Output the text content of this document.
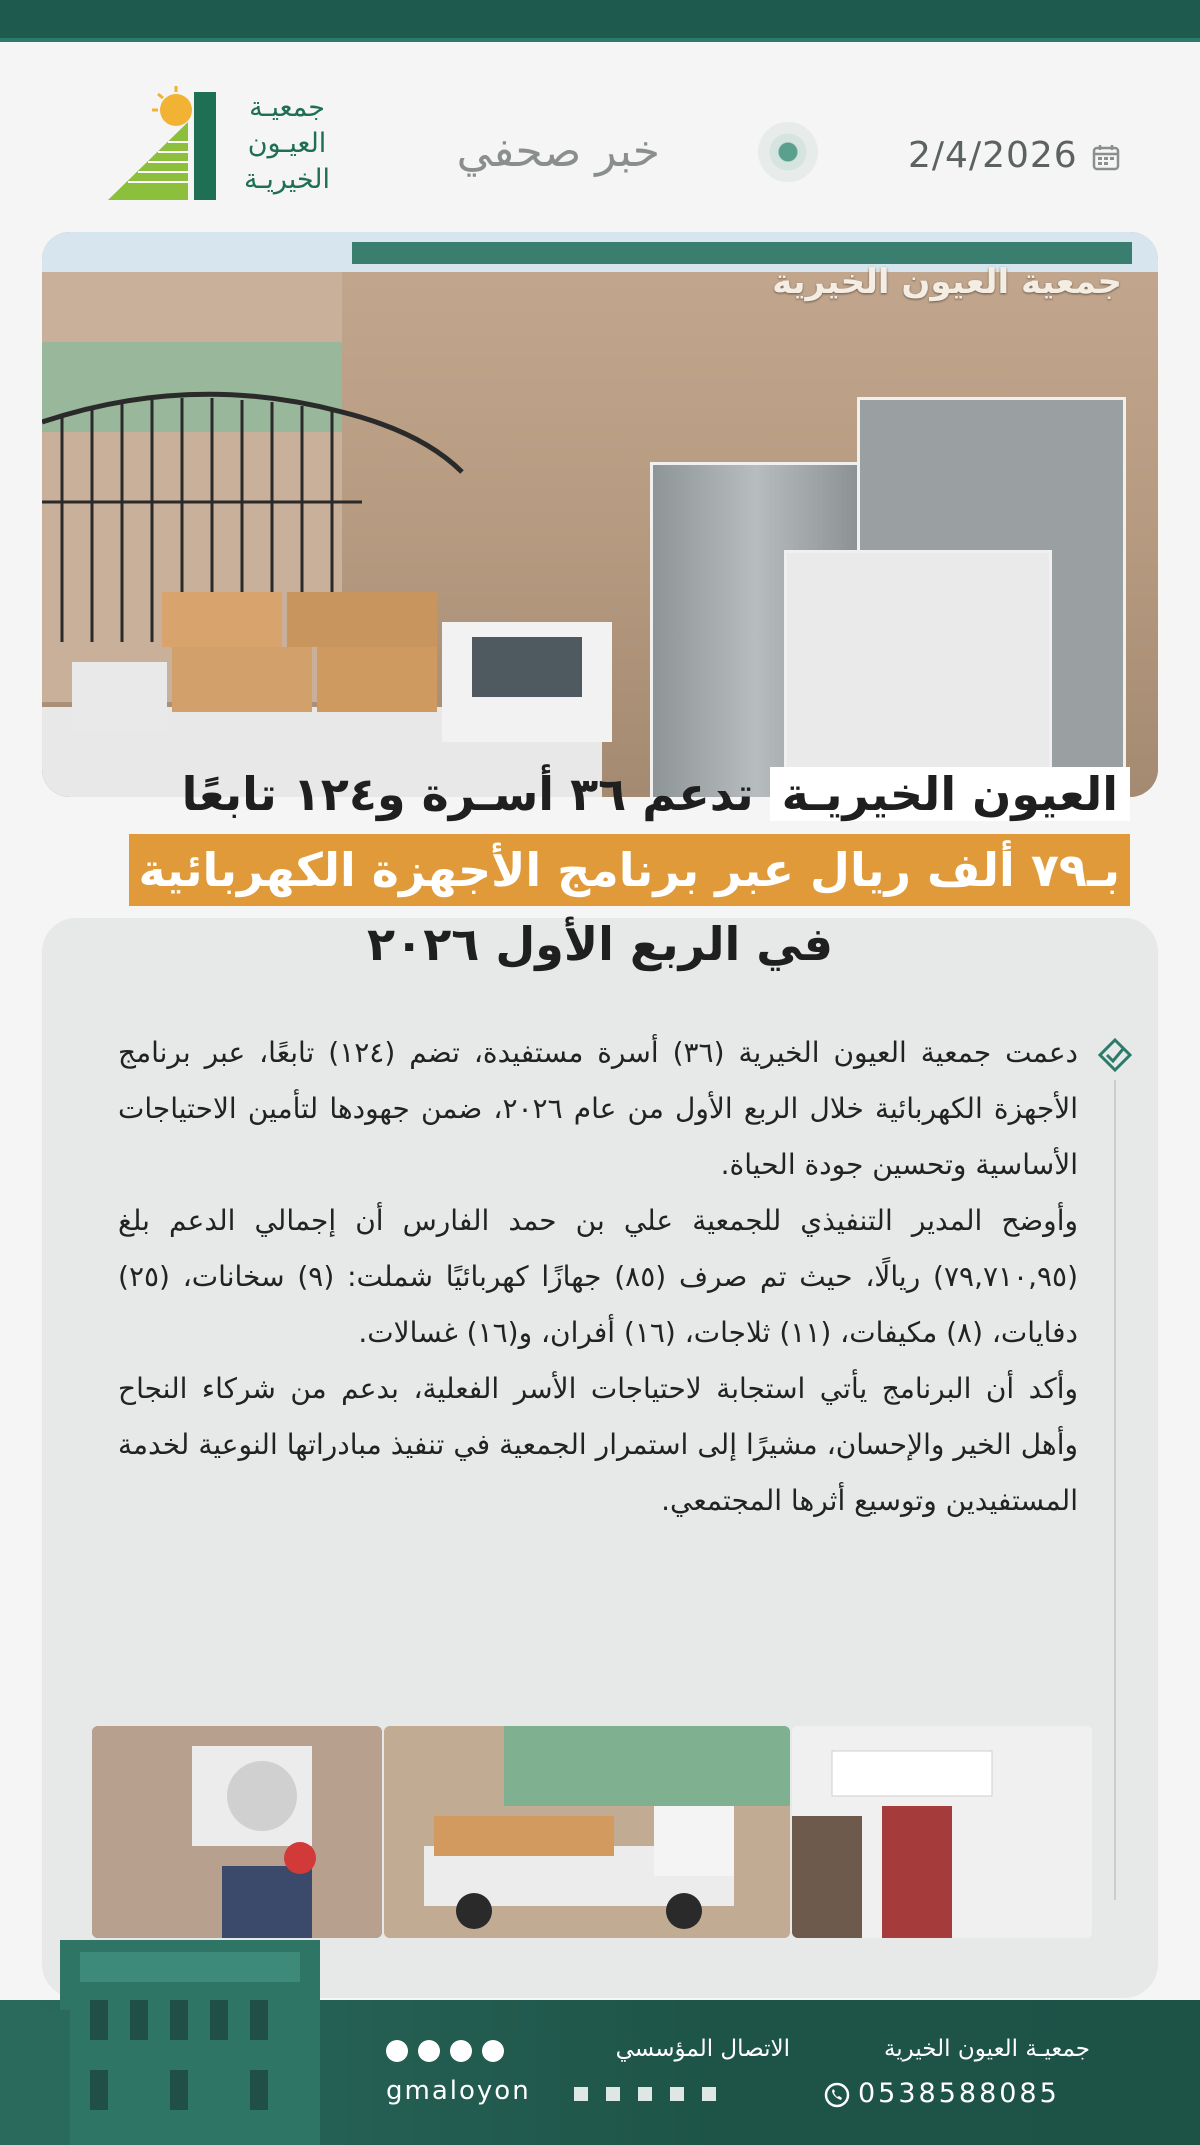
جمعيـة
العيـون
الخيريـة
خبر صحفي	2/4/2026
جمعية العيون الخيرية
العيون الخيريـة تدعم ٣٦ أسـرة و١٢٤ تابعًا
بـ٧٩ ألف ريال عبر برنامج الأجهزة الكهربائية
في الربع الأول ٢٠٢٦

دعمت جمعية العيون الخيرية (٣٦) أسرة مستفيدة، تضم (١٢٤) تابعًا، عبر برنامج الأجهزة الكهربائية خلال الربع الأول من عام ٢٠٢٦، ضمن جهودها لتأمين الاحتياجات الأساسية وتحسين جودة الحياة.

وأوضح المدير التنفيذي للجمعية علي بن حمد الفارس أن إجمالي الدعم بلغ (٧٩,٧١٠,٩٥) ريالًا، حيث تم صرف (٨٥) جهازًا كهربائيًا شملت: (٩) سخانات، (٢٥) دفايات، (٨) مكيفات، (١١) ثلاجات، (١٦) أفران، و(١٦) غسالات.

وأكد أن البرنامج يأتي استجابة لاحتياجات الأسر الفعلية، بدعم من شركاء النجاح وأهل الخير والإحسان، مشيرًا إلى استمرار الجمعية في تنفيذ مبادراتها النوعية لخدمة المستفيدين وتوسيع أثرها المجتمعي.

جمعيـة العيون الخيرية
0538588085
الاتصال المؤسسي
gmaloyon
